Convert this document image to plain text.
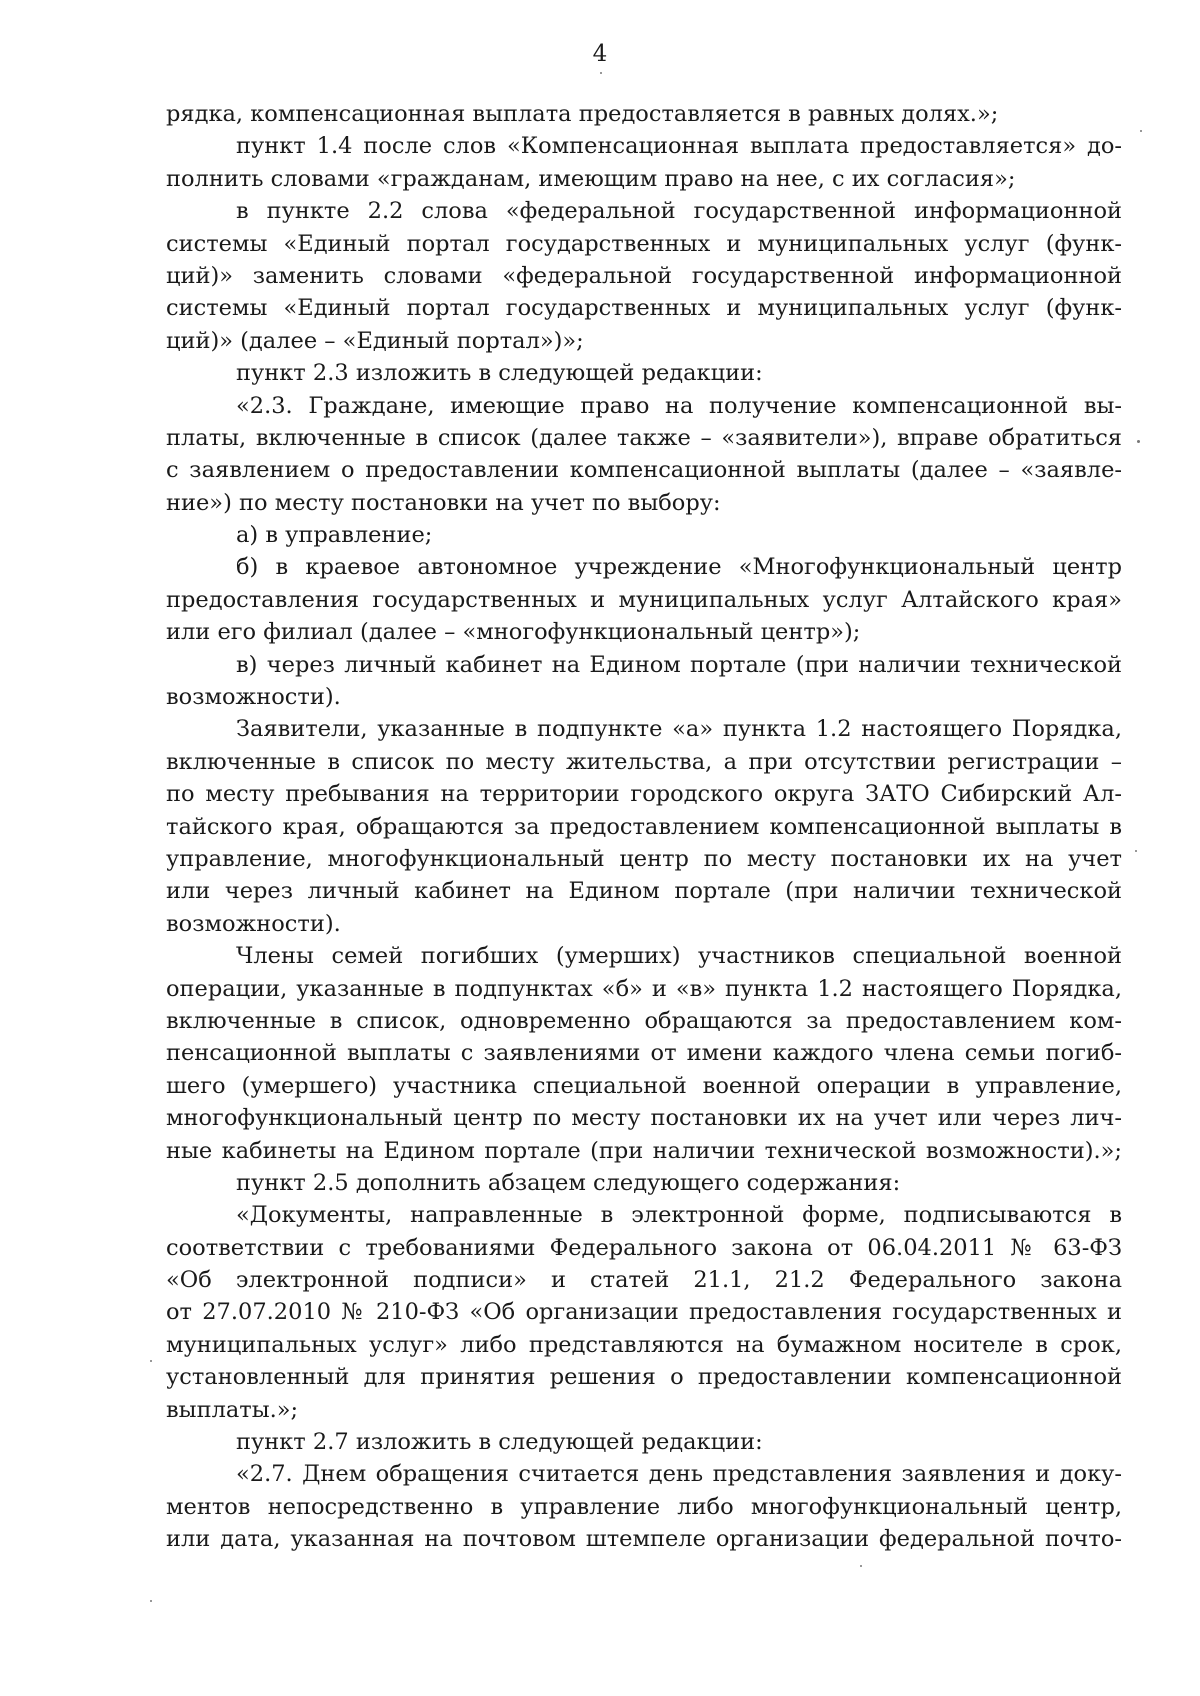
4
рядка, компенсационная выплата предоставляется в равных долях.»;
пункт 1.4 после слов «Компенсационная выплата предоставляется» до-
полнить словами «гражданам, имеющим право на нее, с их согласия»;
в пункте 2.2 слова «федеральной государственной информационной
системы «Единый портал государственных и муниципальных услуг (функ-
ций)» заменить словами «федеральной государственной информационной
системы «Единый портал государственных и муниципальных услуг (функ-
ций)» (далее – «Единый портал»)»;
пункт 2.3 изложить в следующей редакции:
«2.3. Граждане, имеющие право на получение компенсационной вы-
платы, включенные в список (далее также – «заявители»), вправе обратиться
с заявлением о предоставлении компенсационной выплаты (далее – «заявле-
ние») по месту постановки на учет по выбору:
а) в управление;
б) в краевое автономное учреждение «Многофункциональный центр
предоставления государственных и муниципальных услуг Алтайского края»
или его филиал (далее – «многофункциональный центр»);
в) через личный кабинет на Едином портале (при наличии технической
возможности).
Заявители, указанные в подпункте «а» пункта 1.2 настоящего Порядка,
включенные в список по месту жительства, а при отсутствии регистрации –
по месту пребывания на территории городского округа ЗАТО Сибирский Ал-
тайского края, обращаются за предоставлением компенсационной выплаты в
управление, многофункциональный центр по месту постановки их на учет
или через личный кабинет на Едином портале (при наличии технической
возможности).
Члены семей погибших (умерших) участников специальной военной
операции, указанные в подпунктах «б» и «в» пункта 1.2 настоящего Порядка,
включенные в список, одновременно обращаются за предоставлением ком-
пенсационной выплаты с заявлениями от имени каждого члена семьи погиб-
шего (умершего) участника специальной военной операции в управление,
многофункциональный центр по месту постановки их на учет или через лич-
ные кабинеты на Едином портале (при наличии технической возможности).»;
пункт 2.5 дополнить абзацем следующего содержания:
«Документы, направленные в электронной форме, подписываются в
соответствии с требованиями Федерального закона от 06.04.2011 № 63-ФЗ
«Об электронной подписи» и статей 21.1, 21.2 Федерального закона
от 27.07.2010 № 210-ФЗ «Об организации предоставления государственных и
муниципальных услуг» либо представляются на бумажном носителе в срок,
установленный для принятия решения о предоставлении компенсационной
выплаты.»;
пункт 2.7 изложить в следующей редакции:
«2.7. Днем обращения считается день представления заявления и доку-
ментов непосредственно в управление либо многофункциональный центр,
или дата, указанная на почтовом штемпеле организации федеральной почто-
